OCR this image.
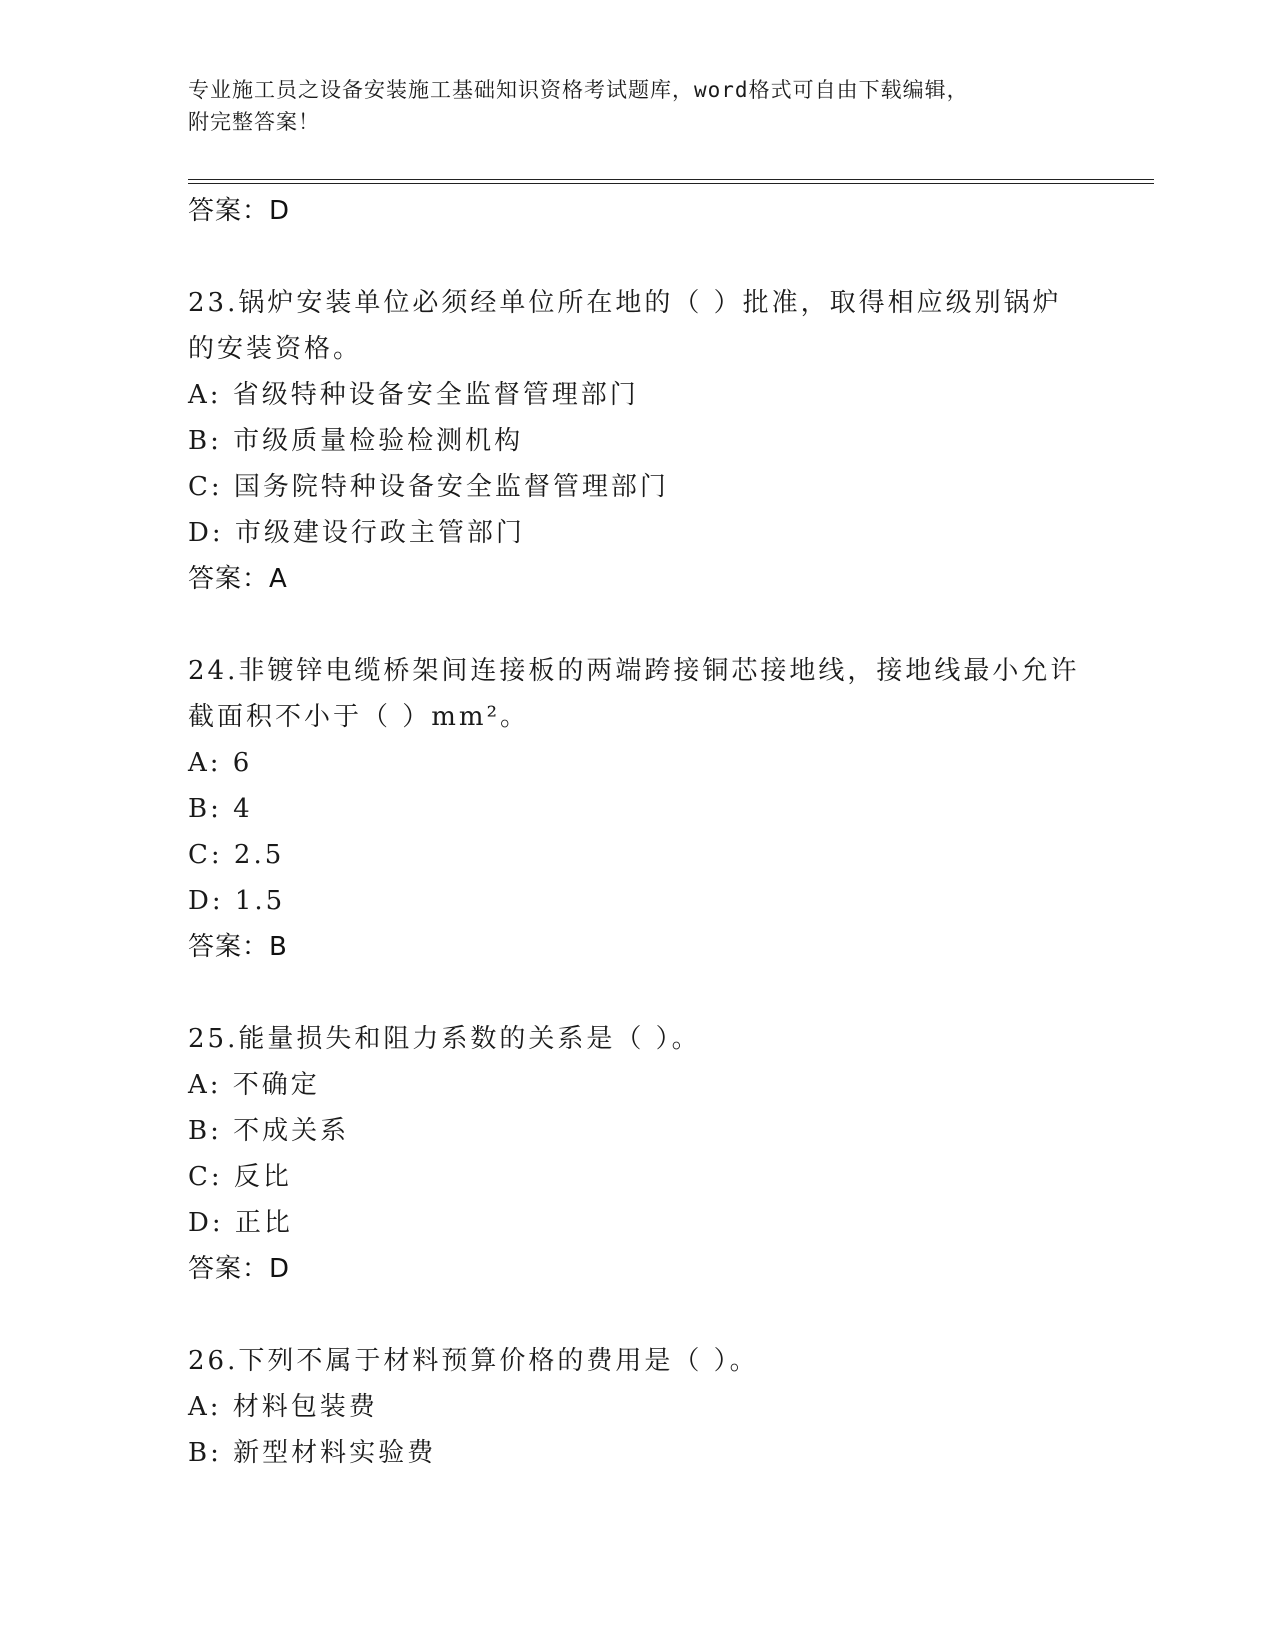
专业施工员之设备安装施工基础知识资格考试题库，word格式可自由下载编辑，
附完整答案！
答案：D
23.锅炉安装单位必须经单位所在地的（ ）批准，取得相应级别锅炉
的安装资格。
A: 省级特种设备安全监督管理部门
B: 市级质量检验检测机构
C: 国务院特种设备安全监督管理部门
D: 市级建设行政主管部门
答案：A
24.非镀锌电缆桥架间连接板的两端跨接铜芯接地线，接地线最小允许
截面积不小于（ ）mm²。
A: 6
B: 4
C: 2.5
D: 1.5
答案：B
25.能量损失和阻力系数的关系是（ ）。
A: 不确定
B: 不成关系
C: 反比
D: 正比
答案：D
26.下列不属于材料预算价格的费用是（ ）。
A: 材料包装费
B: 新型材料实验费
